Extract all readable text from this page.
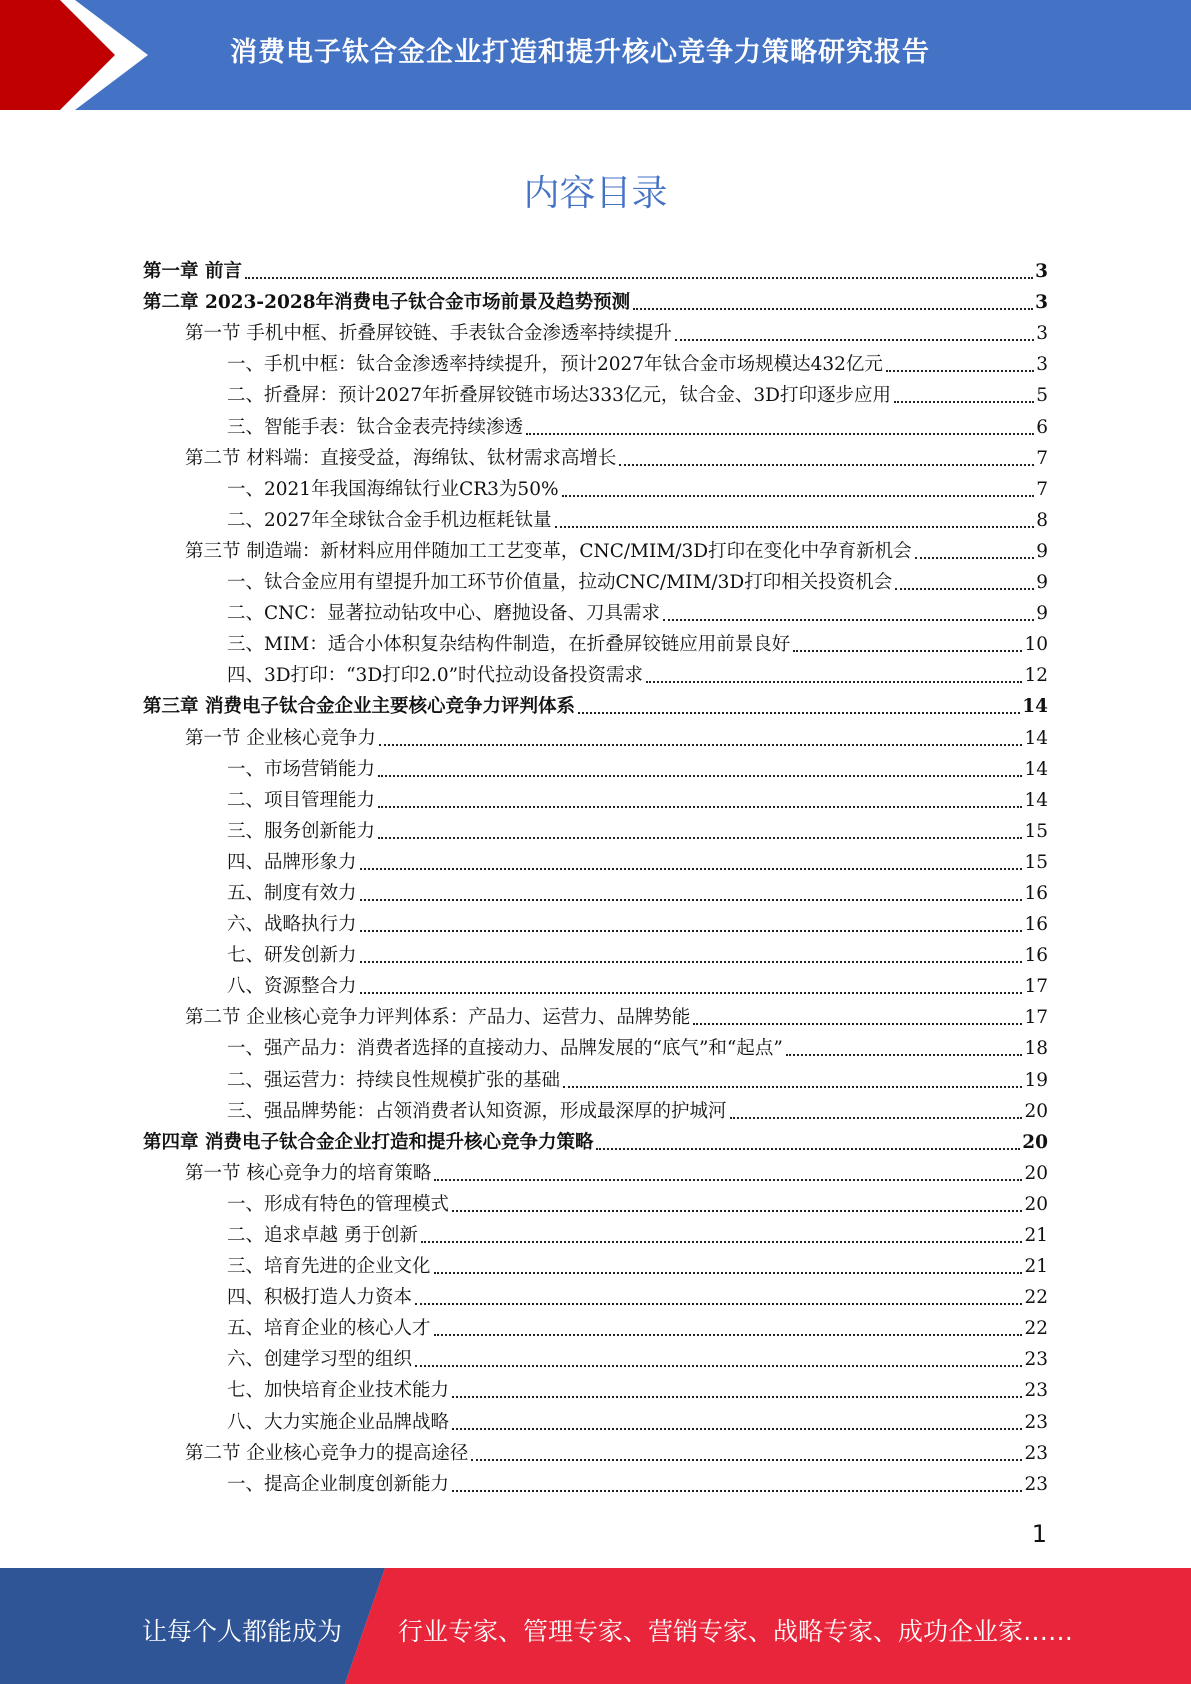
消费电子钛合金企业打造和提升核心竞争力策略研究报告
内容目录
第一章 前言	3
第二章 2023-2028年消费电子钛合金市场前景及趋势预测	3
第一节 手机中框、折叠屏铰链、手表钛合金渗透率持续提升	3
一、手机中框：钛合金渗透率持续提升，预计2027年钛合金市场规模达432亿元	3
二、折叠屏：预计2027年折叠屏铰链市场达333亿元，钛合金、3D打印逐步应用	5
三、智能手表：钛合金表壳持续渗透	6
第二节 材料端：直接受益，海绵钛、钛材需求高增长	7
一、2021年我国海绵钛行业CR3为50%	7
二、2027年全球钛合金手机边框耗钛量	8
第三节 制造端：新材料应用伴随加工工艺变革，CNC/MIM/3D打印在变化中孕育新机会	9
一、钛合金应用有望提升加工环节价值量，拉动CNC/MIM/3D打印相关投资机会	9
二、CNC：显著拉动钻攻中心、磨抛设备、刀具需求	9
三、MIM：适合小体积复杂结构件制造，在折叠屏铰链应用前景良好	10
四、3D打印：“3D打印2.0”时代拉动设备投资需求	12
第三章 消费电子钛合金企业主要核心竞争力评判体系	14
第一节 企业核心竞争力	14
一、市场营销能力	14
二、项目管理能力	14
三、服务创新能力	15
四、品牌形象力	15
五、制度有效力	16
六、战略执行力	16
七、研发创新力	16
八、资源整合力	17
第二节 企业核心竞争力评判体系：产品力、运营力、品牌势能	17
一、强产品力：消费者选择的直接动力、品牌发展的“底气”和“起点”	18
二、强运营力：持续良性规模扩张的基础	19
三、强品牌势能：占领消费者认知资源，形成最深厚的护城河	20
第四章 消费电子钛合金企业打造和提升核心竞争力策略	20
第一节 核心竞争力的培育策略	20
一、形成有特色的管理模式	20
二、追求卓越 勇于创新	21
三、培育先进的企业文化	21
四、积极打造人力资本	22
五、培育企业的核心人才	22
六、创建学习型的组织	23
七、加快培育企业技术能力	23
八、大力实施企业品牌战略	23
第二节 企业核心竞争力的提高途径	23
一、提高企业制度创新能力	23
1
让每个人都能成为 行业专家、管理专家、营销专家、战略专家、成功企业家……
